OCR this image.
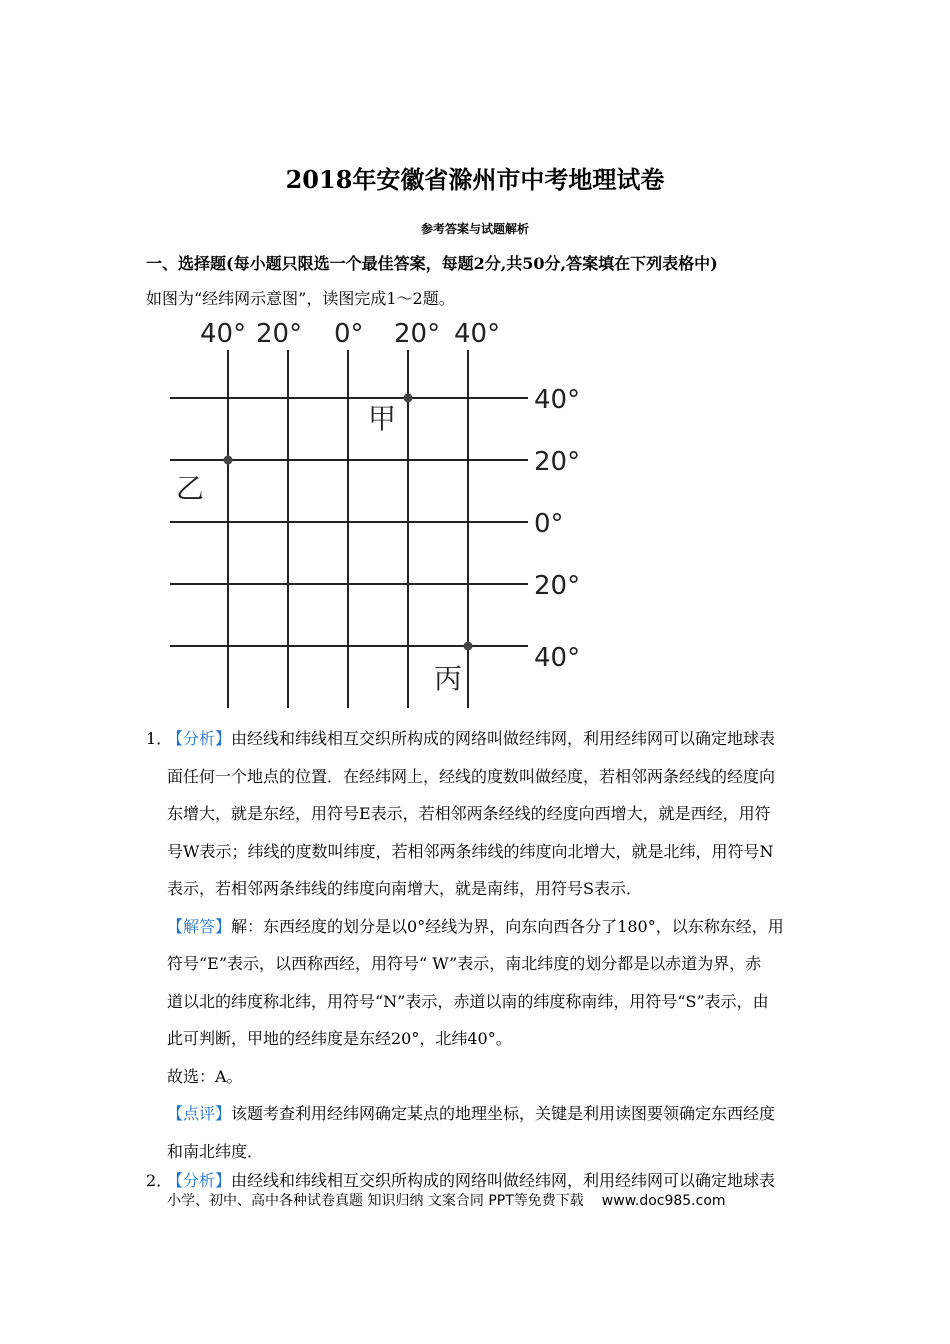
2018年安徽省滁州市中考地理试卷
参考答案与试题解析
一、选择题(每小题只限选一个最佳答案，每题2分,共50分,答案填在下列表格中)
如图为“经纬网示意图”，读图完成1～2题。
40° 20° 0° 20° 40°
40°
20°
0°
20°
40°
甲
乙
丙
1．
【分析】由经线和纬线相互交织所构成的网络叫做经纬网，利用经纬网可以确定地球表
面任何一个地点的位置．在经纬网上，经线的度数叫做经度，若相邻两条经线的经度向
东增大，就是东经，用符号E表示，若相邻两条经线的经度向西增大，就是西经，用符
号W表示；纬线的度数叫纬度，若相邻两条纬线的纬度向北增大，就是北纬，用符号N
表示，若相邻两条纬线的纬度向南增大，就是南纬，用符号S表示．
【解答】解：东西经度的划分是以0°经线为界，向东向西各分了180°，以东称东经，用
符号“E”表示，以西称西经，用符号“ W”表示，南北纬度的划分都是以赤道为界，赤
道以北的纬度称北纬，用符号“N”表示，赤道以南的纬度称南纬，用符号“S”表示，由
此可判断，甲地的经纬度是东经20°，北纬40°。
故选：A。
【点评】该题考查利用经纬网确定某点的地理坐标，关键是利用读图要领确定东西经度
和南北纬度．
2．
【分析】由经线和纬线相互交织所构成的网络叫做经纬网，利用经纬网可以确定地球表
小学、初中、高中各种试卷真题 知识归纳 文案合同 PPT等免费下载 www.doc985.com
